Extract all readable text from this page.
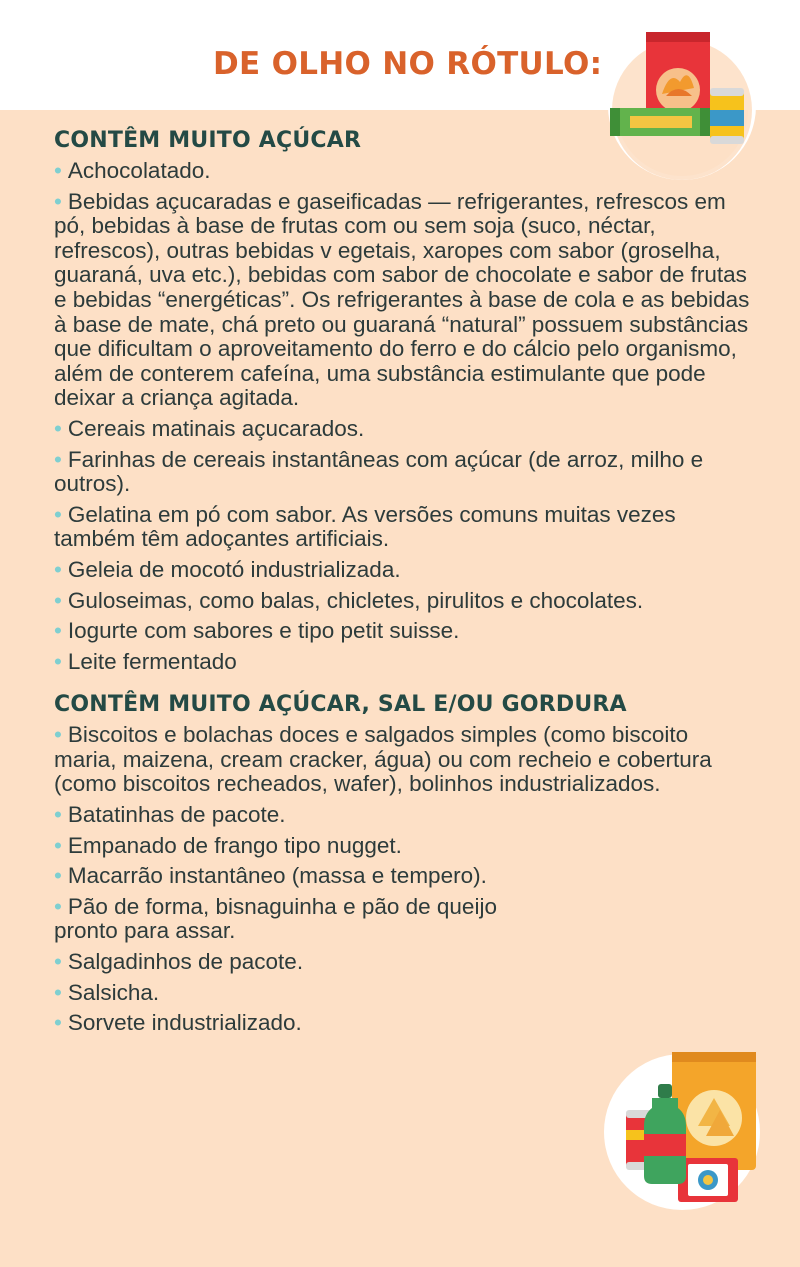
DE OLHO NO RÓTULO:
CONTÊM MUITO AÇÚCAR
• Achocolatado.
• Bebidas açucaradas e gaseificadas — refrigerantes, refrescos em pó, bebidas à base de frutas com ou sem soja (suco, néctar, refrescos), outras bebidas v egetais, xaropes com sabor (groselha, guaraná, uva etc.), bebidas com sabor de chocolate e sabor de frutas e bebidas “energéticas”. Os refrigerantes à base de cola e as bebidas à base de mate, chá preto ou guaraná “natural” possuem substâncias que dificultam o aproveitamento do ferro e do cálcio pelo organismo, além de conterem cafeína, uma substância estimulante que pode deixar a criança agitada.
• Cereais matinais açucarados.
• Farinhas de cereais instantâneas com açúcar (de arroz, milho e outros).
• Gelatina em pó com sabor. As versões comuns muitas vezes também têm adoçantes artificiais.
• Geleia de mocotó industrializada.
• Guloseimas, como balas, chicletes, pirulitos e chocolates.
• Iogurte com sabores e tipo petit suisse.
• Leite fermentado
CONTÊM MUITO AÇÚCAR, SAL E/OU GORDURA
• Biscoitos e bolachas doces e salgados simples (como biscoito maria, maizena, cream cracker, água) ou com recheio e cobertura (como biscoitos recheados, wafer), bolinhos industrializados.
• Batatinhas de pacote.
• Empanado de frango tipo nugget.
• Macarrão instantâneo (massa e tempero).
• Pão de forma, bisnaguinha e pão de queijo pronto para assar.
• Salgadinhos de pacote.
• Salsicha.
• Sorvete industrializado.
